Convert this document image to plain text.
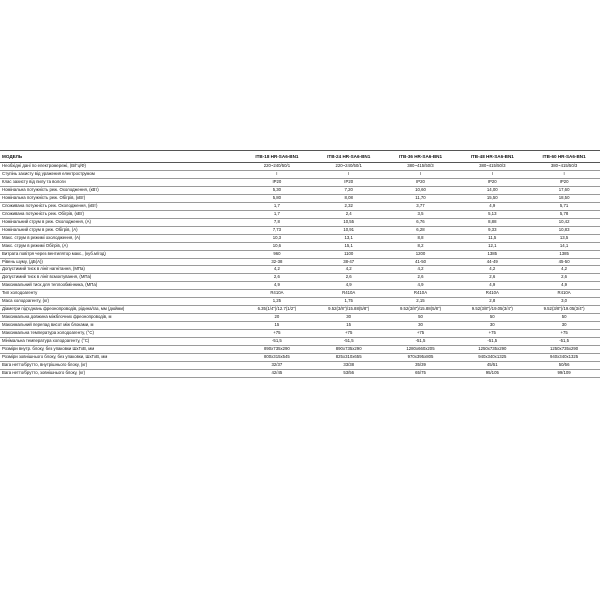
МОДЕЛЬ	ITB-18 HR-SA6-BN1	ITB-24 HR-SA6-BN1	ITB-36 HR-SA6-BN1	ITB-48 HR-SA6-BN1	ITB-60 HR-SA6-BN1
Необхідні дані по електромережі, (В/Гц/Ф)	220~240/50/1	220~240/50/1	380~415/50/3	380~415/50/3	380~415/50/3
Ступінь захисту від уражения електрострумом	I	I	I	I	I
Клас захисту від пилу та вологи	IP20	IP20	IP20	IP20	IP20
Номінальна потужність реж. Охолодження, (кВт)	5,30	7,20	10,60	14,00	17,60
Номінальна потужність реж. Обігрів, (кВт)	5,80	8,08	11,70	15,50	18,50
Споживана потужність реж. Охолодження, (кВт)	1,7	2,32	3,77	4,9	5,71
Споживана потужність реж. Обігрів, (кВт)	1,7	2,4	3,5	5,13	5,78
Номінальний струм в реж. Охолодження, (А)	7,8	10,55	6,76	8,88	10,42
Номінальний струм в реж. Обігрів, (А)	7,73	10,91	6,28	9,33	10,83
Макс. струм в режимі охолодження, (А)	10,3	13,1	8,8	11,5	13,5
Макс. струм в режимі Обігрів, (А)	10,6	15,1	8,2	12,1	14,1
Витрата повітря через вентилятор макс., (куб.м/год)	960	1100	1200	1385	1385
Рівень шуму, (дБ(А))	32-38	38-47	41-50	44-49	45-50
Допустимий тиск в лінії нагнітання, (МПа)	4,2	4,2	4,2	4,2	4,2
Допустимий тиск в лінії всмоктування, (МПа)	2,6	2,6	2,6	2,6	2,6
Максимальний тиск для теплообмінника, (МПа)	4,9	4,9	4,9	4,9	4,9
Тип холодоагенту	R410A	R410A	R410A	R410A	R410A
Маса холодоагенту, (кг)	1,25	1,75	2,15	2,8	3,0
Діаметри під'єднань фреонопроводів, рідина/газ, мм (дюйми)	6.35(1/4")/12.7(1/2")	9.52(3/8")/15.88(5/8")	9.52(3/8")/15.88(5/8")	9.52(3/8")/19.05(3/4")	9.52(3/8")/19.05(3/4")
Максимальна довжина міжблочних фреонопроводів, м	20	30	50	50	50
Максимальний перепад висот між блоками, м	15	15	30	30	30
Максимальна температура холодоагенту, (°С)	+75	+75	+75	+75	+75
Мінімальна температура холодоагенту, (°С)	-51,5	-51,5	-51,5	-51,5	-51,5
Розміри внутр. блоку, без упаковки ШхГхВ, мм	890х735х290	890х735х290	1280х660х205	1250х735х290	1250х735х290
Розміри зовнішнього блоку, без упаковки, ШхГхВ, мм	800х315х545	825х310х655	970х395х805	940х340х1325	940х340х1325
Вага нетто/брутто, внутрішнього блоку, (кг)	32/37	33/38	35/39	45/51	50/56
Вага нетто/брутто, зовнішнього блоку, (кг)	42/45	53/56	65/75	95/105	99/109
